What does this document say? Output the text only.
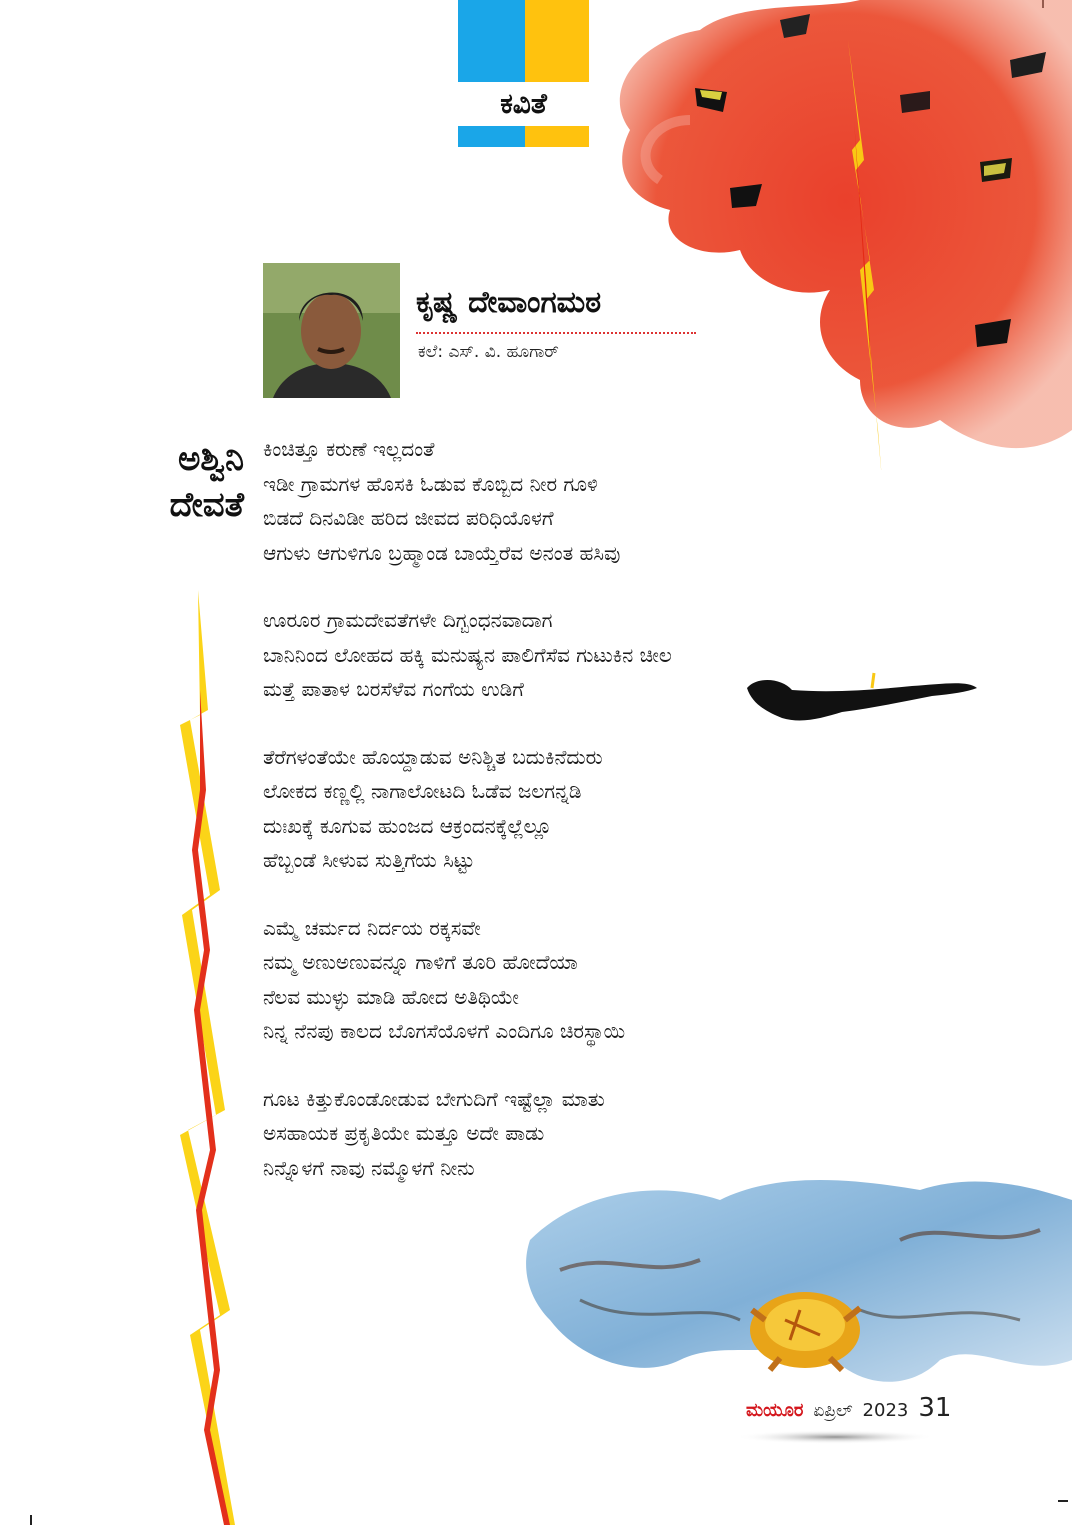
ಕವಿತೆ
ಕೃಷ್ಣ ದೇವಾಂಗಮಠ
ಕಲೆ: ಎಸ್‌. ವಿ. ಹೂಗಾರ್
ಅಶ್ವಿನಿ
ದೇವತೆ
ಕಿಂಚಿತ್ತೂ ಕರುಣೆ ಇಲ್ಲದಂತೆ
ಇಡೀ ಗ್ರಾಮಗಳ ಹೊಸಕಿ ಓಡುವ ಕೊಬ್ಬಿದ ನೀರ ಗೂಳಿ
ಬಿಡದೆ ದಿನವಿಡೀ ಹರಿದ ಜೀವದ ಪರಿಧಿಯೊಳಗೆ
ಆಗುಳು ಆಗುಳಿಗೂ ಬ್ರಹ್ಮಾಂಡ ಬಾಯ್ತೆರೆವ ಅನಂತ ಹಸಿವು
ಊರೂರ ಗ್ರಾಮದೇವತೆಗಳೇ ದಿಗ್ಬಂಧನವಾದಾಗ
ಬಾನಿನಿಂದ ಲೋಹದ ಹಕ್ಕಿ ಮನುಷ್ಯನ ಪಾಲಿಗೆಸೆವ ಗುಟುಕಿನ ಚೀಲ
ಮತ್ತೆ ಪಾತಾಳ ಬರಸೆಳೆವ ಗಂಗೆಯ ಉಡಿಗೆ
ತೆರೆಗಳಂತೆಯೇ ಹೊಯ್ದಾಡುವ ಅನಿಶ್ಚಿತ ಬದುಕಿನೆದುರು
ಲೋಕದ ಕಣ್ಣಲ್ಲಿ ನಾಗಾಲೋಟದಿ ಓಡೆವ ಜಲಗನ್ನಡಿ
ದುಃಖಕ್ಕೆ ಕೂಗುವ ಹುಂಜದ ಆಕ್ರಂದನಕ್ಕೆಲ್ಲೆಲ್ಲೂ
ಹೆಬ್ಬಂಡೆ ಸೀಳುವ ಸುತ್ತಿಗೆಯ ಸಿಟ್ಟು
ಎಮ್ಮೆ ಚರ್ಮದ ನಿರ್ದಯ ರಕ್ಕಸವೇ
ನಮ್ಮ ಅಣುಅಣುವನ್ನೂ ಗಾಳಿಗೆ ತೂರಿ ಹೋದೆಯಾ
ನೆಲವ ಮುಳ್ಳು ಮಾಡಿ ಹೋದ ಅತಿಥಿಯೇ
ನಿನ್ನ ನೆನಪು ಕಾಲದ ಬೊಗಸೆಯೊಳಗೆ ಎಂದಿಗೂ ಚಿರಸ್ಥಾಯಿ
ಗೂಟ ಕಿತ್ತುಕೊಂಡೋಡುವ ಬೇಗುದಿಗೆ ಇಷ್ಟೆಲ್ಲಾ ಮಾತು
ಅಸಹಾಯಕ ಪ್ರಕೃತಿಯೇ ಮತ್ತೂ ಅದೇ ಪಾಡು
ನಿನ್ನೊಳಗೆ ನಾವು ನಮ್ಮೊಳಗೆ ನೀನು
ಮಯೂರ ಏಪ್ರಿಲ್ 2023 31
